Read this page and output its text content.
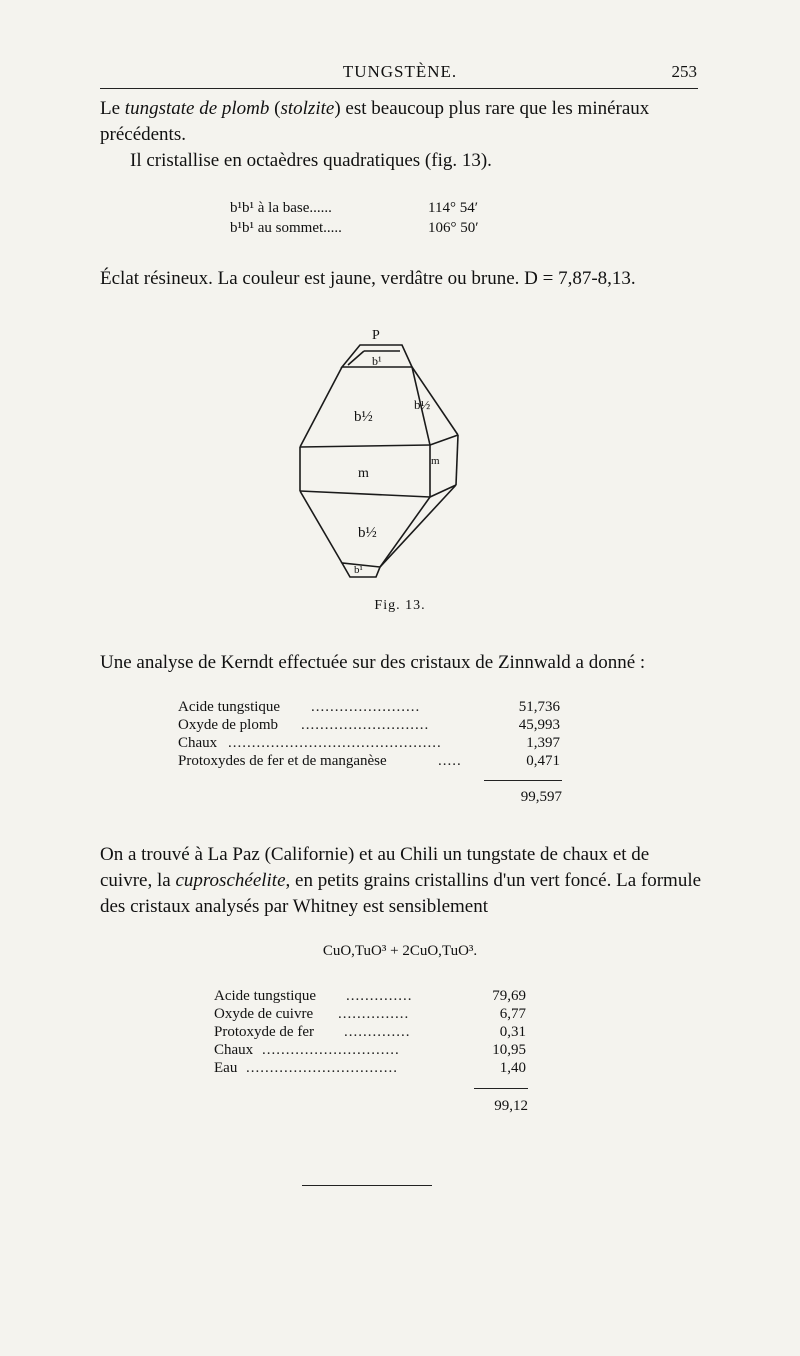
TUNGSTÈNE.	253
Le tungstate de plomb (stolzite) est beaucoup plus rare que les minéraux
précédents.
Il cristallise en octaèdres quadratiques (fig. 13).
b¹b¹ à la base......	114° 54′
b¹b¹ au sommet.....	106° 50′
Éclat résineux. La couleur est jaune, verdâtre ou brune. D = 7,87-8,13.
P
b¹
b½
b½
m
m
b½
b¹
Fig. 13.
Une analyse de Kerndt effectuée sur des cristaux de Zinnwald a donné :
Acide tungstique .......................	51,736
Oxyde de plomb ...........................	45,993
Chaux .............................................	1,397
Protoxydes de fer et de manganèse	.....	0,471
99,597
On a trouvé à La Paz (Californie) et au Chili un tungstate de chaux et de
cuivre, la cuproschéelite, en petits grains cristallins d'un vert foncé. La formule
des cristaux analysés par Whitney est sensiblement
CuO,TuO³ + 2CuO,TuO³.
Acide tungstique ..............	79,69
Oxyde de cuivre ...............	6,77
Protoxyde de fer ..............	0,31
Chaux .............................	10,95
Eau ................................	1,40
99,12
